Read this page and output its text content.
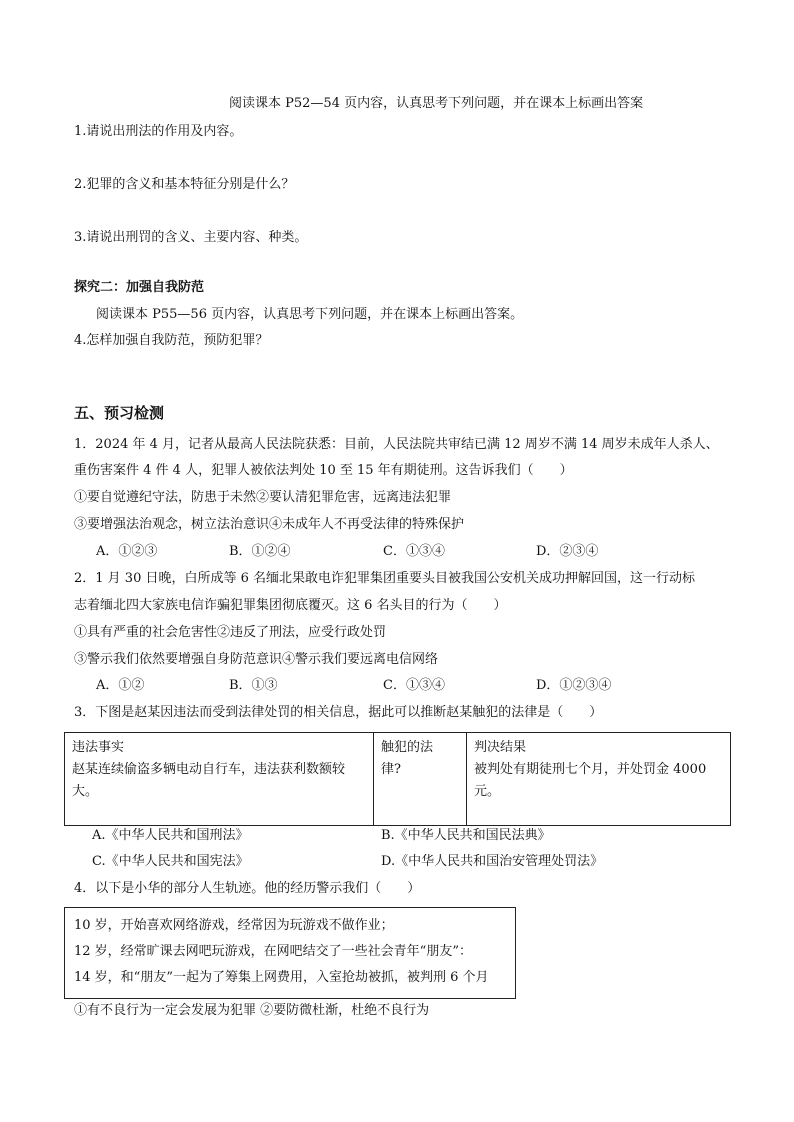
阅读课本 P52—54 页内容，认真思考下列问题，并在课本上标画出答案
1.请说出刑法的作用及内容。
2.犯罪的含义和基本特征分别是什么？
3.请说出刑罚的含义、主要内容、种类。
探究二：加强自我防范
阅读课本 P55—56 页内容，认真思考下列问题，并在课本上标画出答案。
4.怎样加强自我防范，预防犯罪？
五、预习检测
1．2024 年 4 月，记者从最高人民法院获悉：目前，人民法院共审结已满 12 周岁不满 14 周岁未成年人杀人、
重伤害案件 4 件 4 人，犯罪人被依法判处 10 至 15 年有期徒刑。这告诉我们（　　）
①要自觉遵纪守法，防患于未然②要认清犯罪危害，远离违法犯罪
③要增强法治观念，树立法治意识④未成年人不再受法律的特殊保护
A．①②③	B．①②④	C．①③④	D．②③④
2．1 月 30 日晚，白所成等 6 名缅北果敢电诈犯罪集团重要头目被我国公安机关成功押解回国，这一行动标
志着缅北四大家族电信诈骗犯罪集团彻底覆灭。这 6 名头目的行为（　　）
①具有严重的社会危害性②违反了刑法，应受行政处罚
③警示我们依然要增强自身防范意识④警示我们要远离电信网络
A．①②	B．①③	C．①③④	D．①②③④
3．下图是赵某因违法而受到法律处罚的相关信息，据此可以推断赵某触犯的法律是（　　）
违法事实
赵某连续偷盗多辆电动自行车，违法获利数额较
大。

触犯的法
律?

判决结果
被判处有期徒刑七个月，并处罚金 4000
元。
A.《中华人民共和国刑法》	B.《中华人民共和国民法典》
C.《中华人民共和国宪法》	D.《中华人民共和国治安管理处罚法》
4．以下是小华的部分人生轨迹。他的经历警示我们（　　）
10 岁，开始喜欢网络游戏，经常因为玩游戏不做作业；
12 岁，经常旷课去网吧玩游戏，在网吧结交了一些社会青年“朋友”：
14 岁，和“朋友”一起为了筹集上网费用，入室抢劫被抓，被判刑 6 个月
①有不良行为一定会发展为犯罪 ②要防微杜渐，杜绝不良行为
